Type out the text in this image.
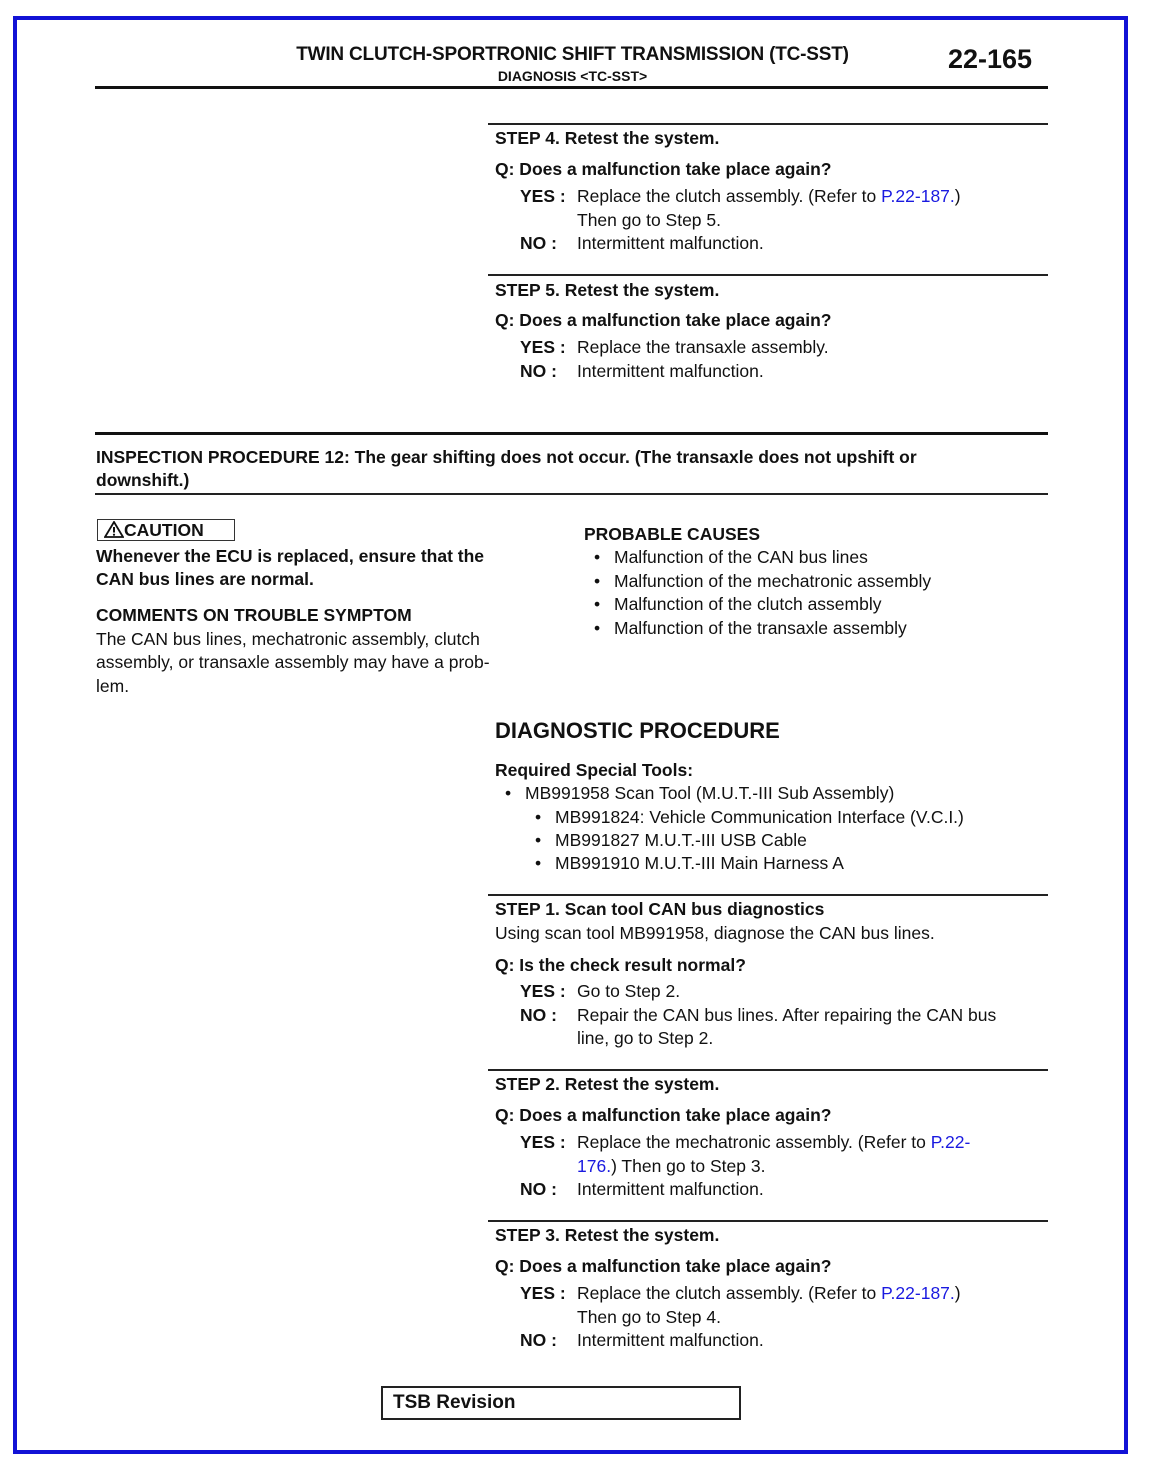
TWIN CLUTCH-SPORTRONIC SHIFT TRANSMISSION (TC-SST)
DIAGNOSIS <TC-SST>
22-165
STEP 4. Retest the system.
Q: Does a malfunction take place again?
YES : Replace the clutch assembly. (Refer to P.22-187.)
Then go to Step 5.
NO : Intermittent malfunction.
STEP 5. Retest the system.
Q: Does a malfunction take place again?
YES : Replace the transaxle assembly.
NO : Intermittent malfunction.
INSPECTION PROCEDURE 12: The gear shifting does not occur. (The transaxle does not upshift or
downshift.)
CAUTION
Whenever the ECU is replaced, ensure that the
CAN bus lines are normal.
COMMENTS ON TROUBLE SYMPTOM
The CAN bus lines, mechatronic assembly, clutch
assembly, or transaxle assembly may have a prob-
lem.
PROBABLE CAUSES
• Malfunction of the CAN bus lines
• Malfunction of the mechatronic assembly
• Malfunction of the clutch assembly
• Malfunction of the transaxle assembly
DIAGNOSTIC PROCEDURE
Required Special Tools:
• MB991958 Scan Tool (M.U.T.-III Sub Assembly)
• MB991824: Vehicle Communication Interface (V.C.I.)
• MB991827 M.U.T.-III USB Cable
• MB991910 M.U.T.-III Main Harness A
STEP 1. Scan tool CAN bus diagnostics
Using scan tool MB991958, diagnose the CAN bus lines.
Q: Is the check result normal?
YES : Go to Step 2.
NO : Repair the CAN bus lines. After repairing the CAN bus
line, go to Step 2.
STEP 2. Retest the system.
Q: Does a malfunction take place again?
YES : Replace the mechatronic assembly. (Refer to P.22-
176.) Then go to Step 3.
NO : Intermittent malfunction.
STEP 3. Retest the system.
Q: Does a malfunction take place again?
YES : Replace the clutch assembly. (Refer to P.22-187.)
Then go to Step 4.
NO : Intermittent malfunction.
TSB Revision
